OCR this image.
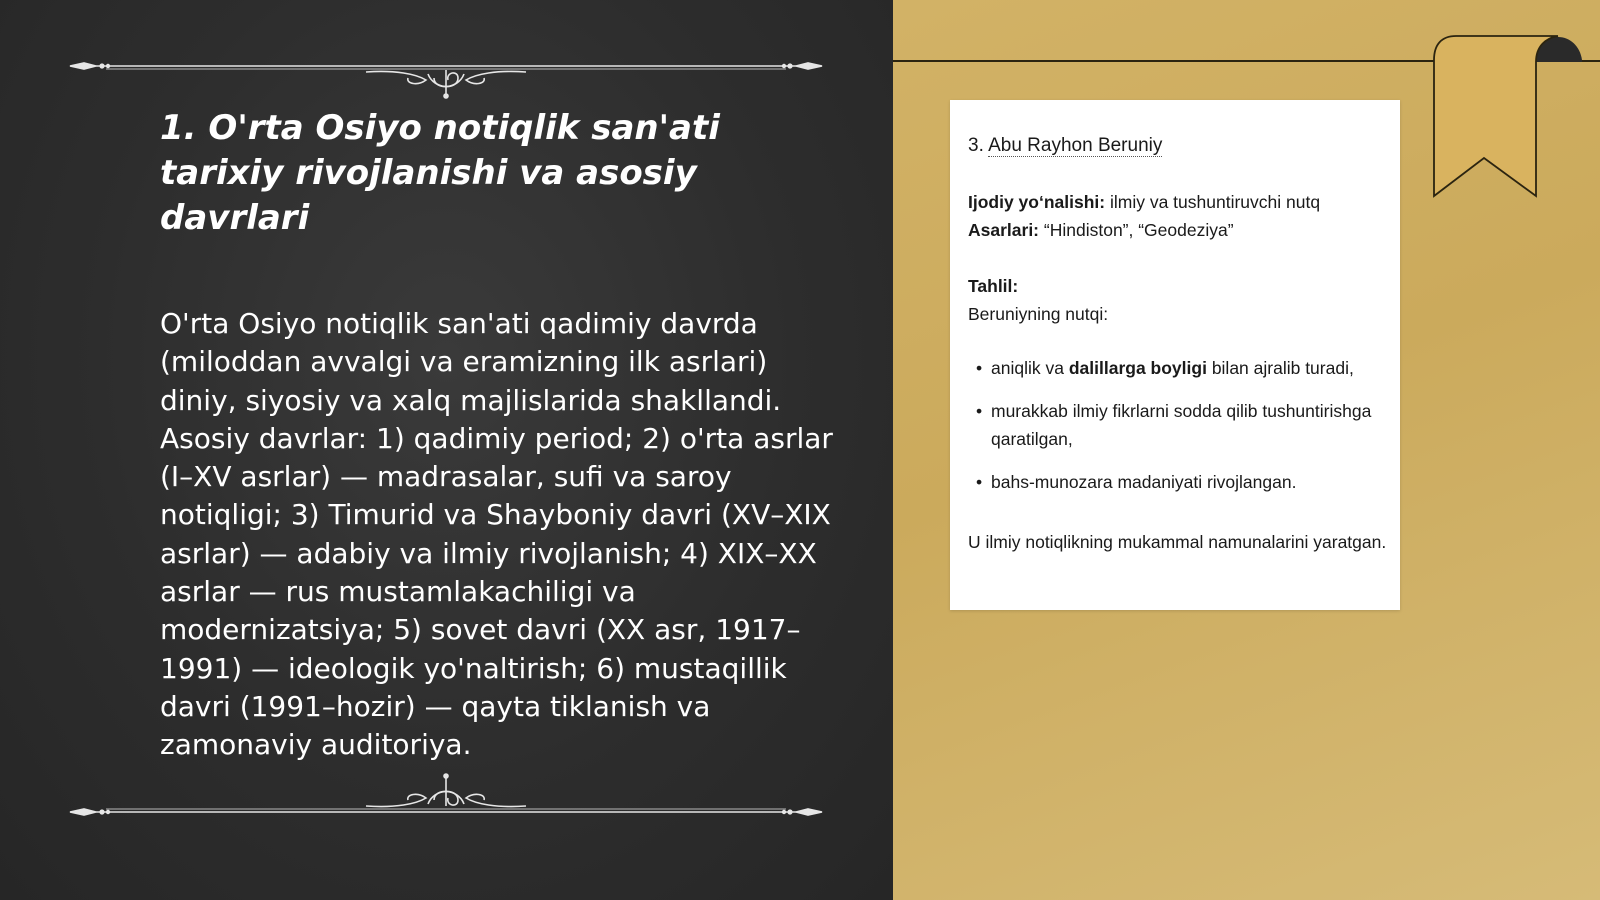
1. O'rta Osiyo notiqlik san'ati tarixiy rivojlanishi va asosiy davrlari

O'rta Osiyo notiqlik san'ati qadimiy davrda (miloddan avvalgi va eramizning ilk asrlari) diniy, siyosiy va xalq majlislarida shakllandi. Asosiy davrlar: 1) qadimiy period; 2) o'rta asrlar (I–XV asrlar) — madrasalar, sufi va saroy notiqligi; 3) Timurid va Shayboniy davri (XV–XIX asrlar) — adabiy va ilmiy rivojlanish; 4) XIX–XX asrlar — rus mustamlakachiligi va modernizatsiya; 5) sovet davri (XX asr, 1917–1991) — ideologik yo'naltirish; 6) mustaqillik davri (1991–hozir) — qayta tiklanish va zamonaviy auditoriya.

3. Abu Rayhon Beruniy

Ijodiy yo‘nalishi: ilmiy va tushuntiruvchi nutq

Asarlari: “Hindiston”, “Geodeziya”

Tahlil:

Beruniyning nutqi:

• aniqlik va dalillarga boyligi bilan ajralib turadi,
• murakkab ilmiy fikrlarni sodda qilib tushuntirishga qaratilgan,
• bahs-munozara madaniyati rivojlangan.

U ilmiy notiqlikning mukammal namunalarini yaratgan.
